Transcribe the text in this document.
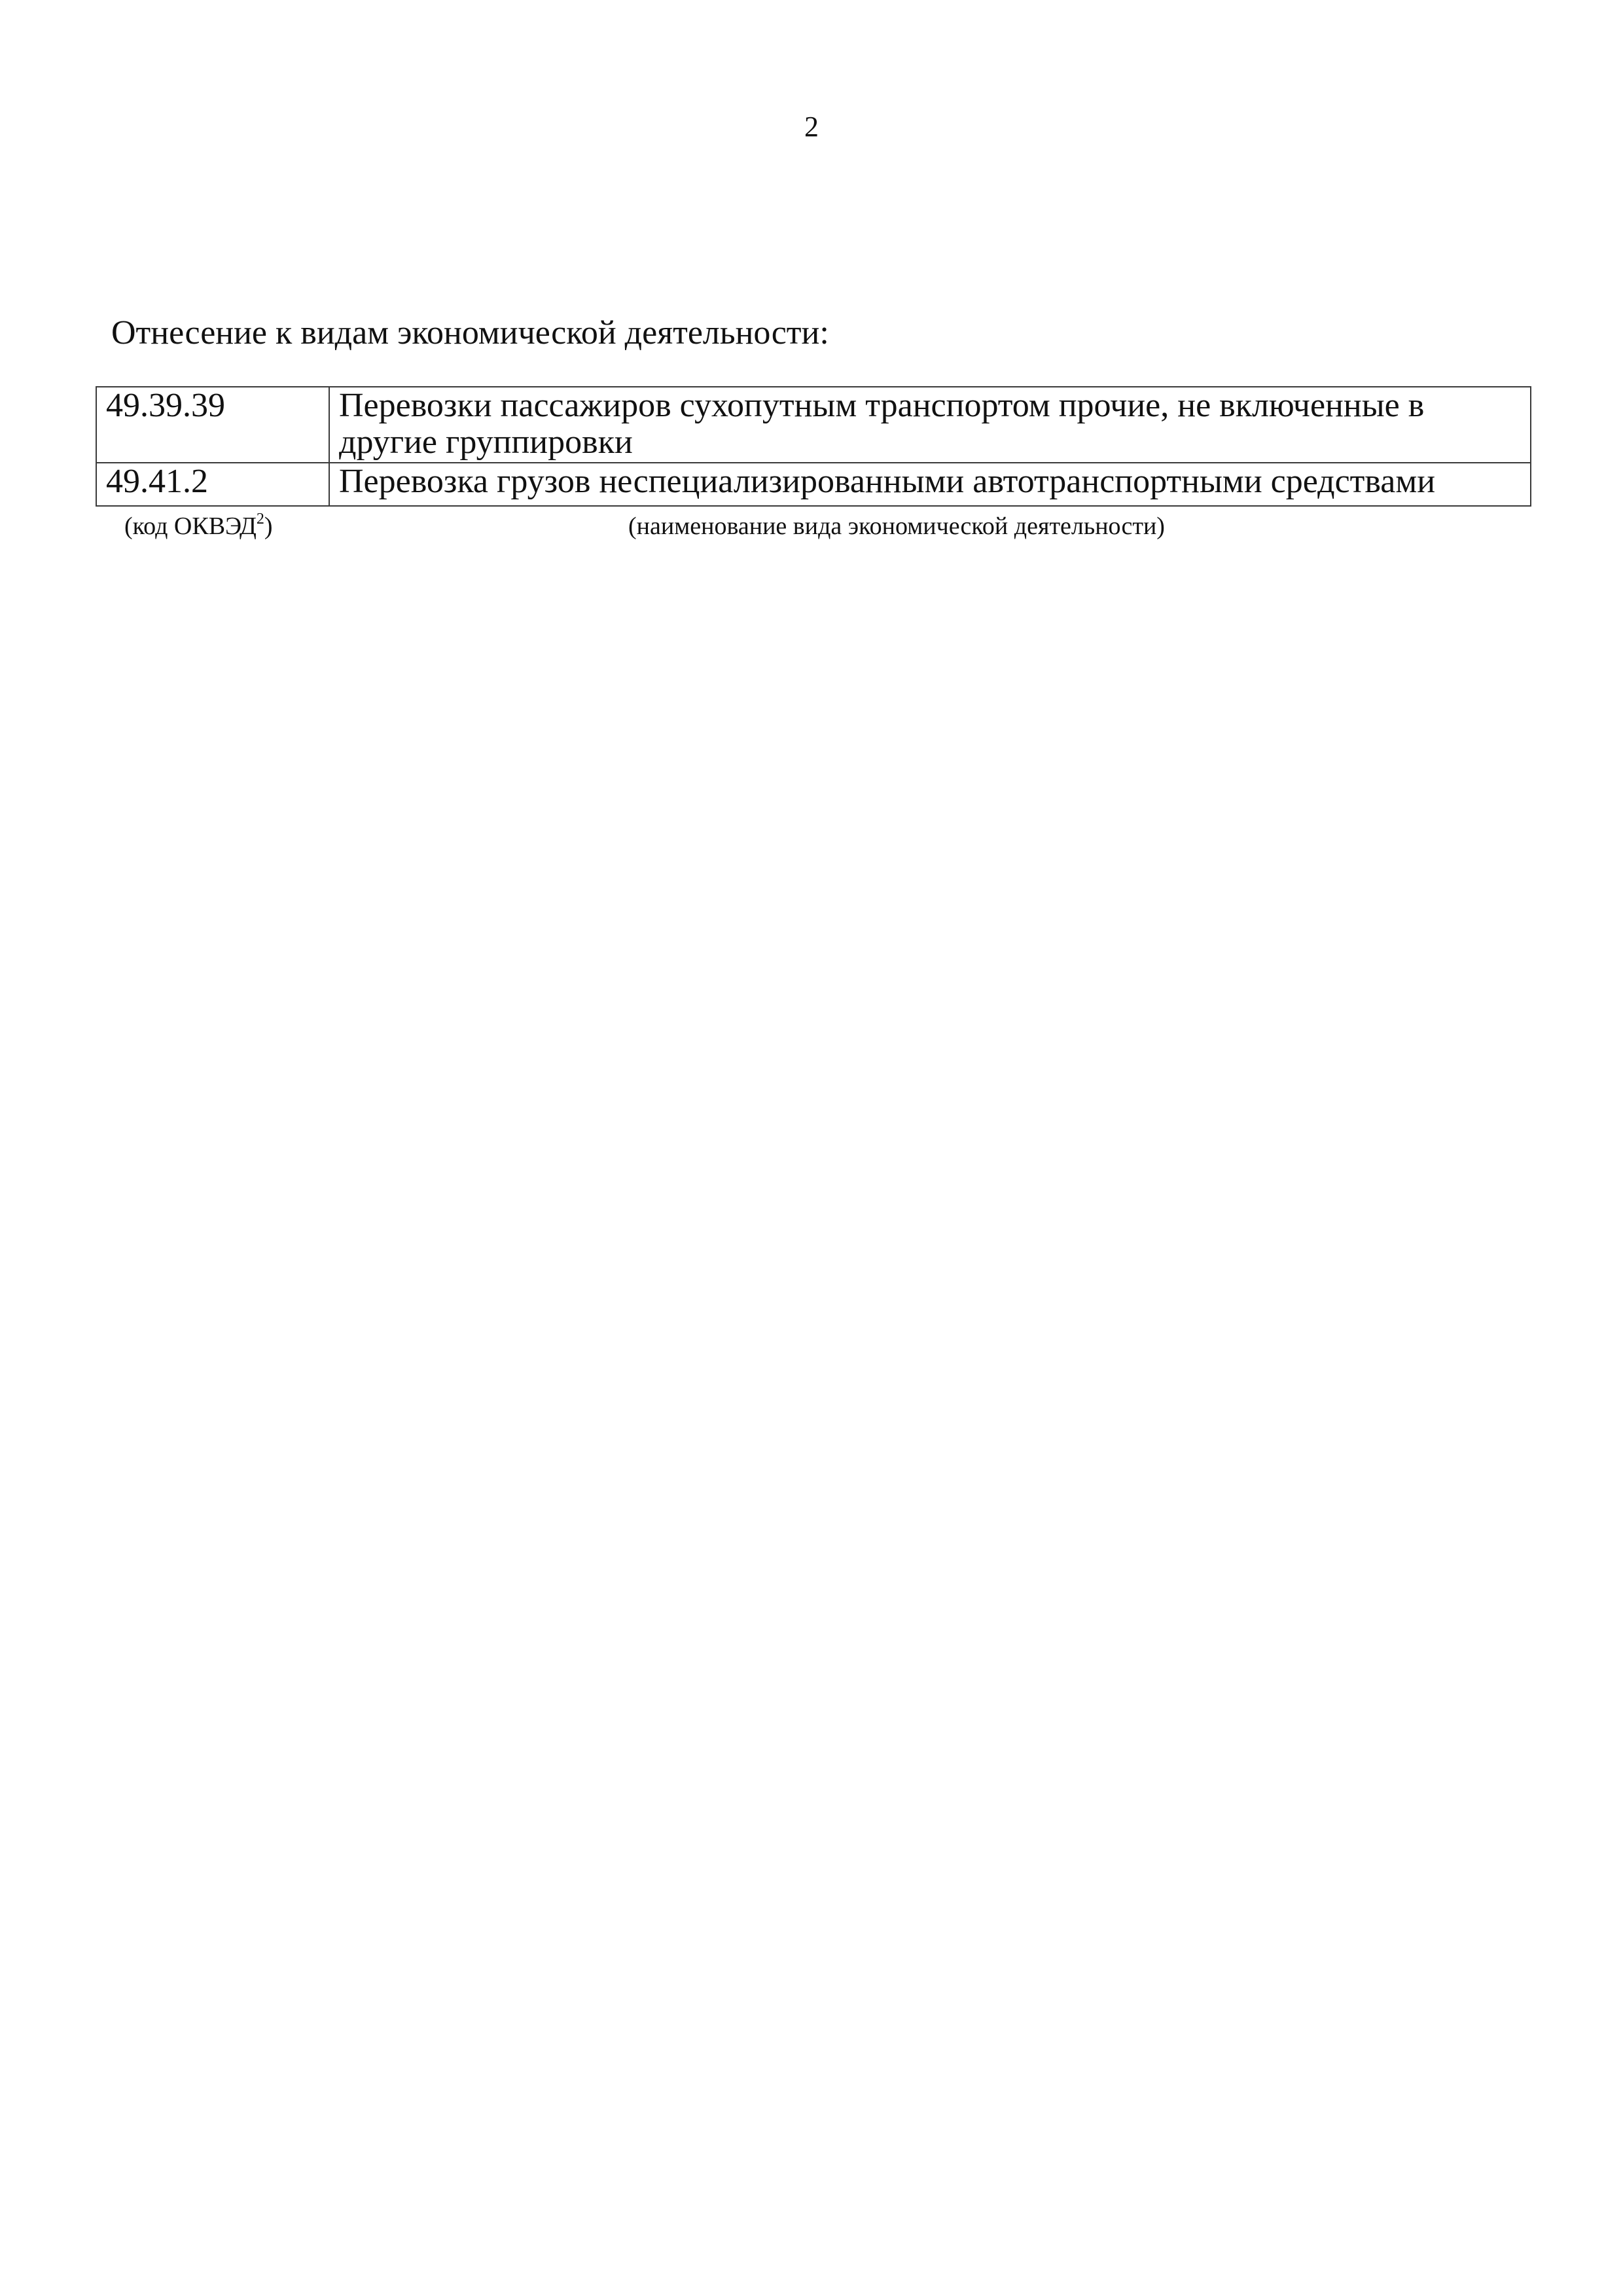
2
Отнесение к видам экономической деятельности:
49.39.39	Перевозки пассажиров сухопутным транспортом прочие, не включенные в другие группировки
49.41.2	Перевозка грузов неспециализированными автотранспортными средствами
(код ОКВЭД$^2$)	(наименование вида экономической деятельности)
